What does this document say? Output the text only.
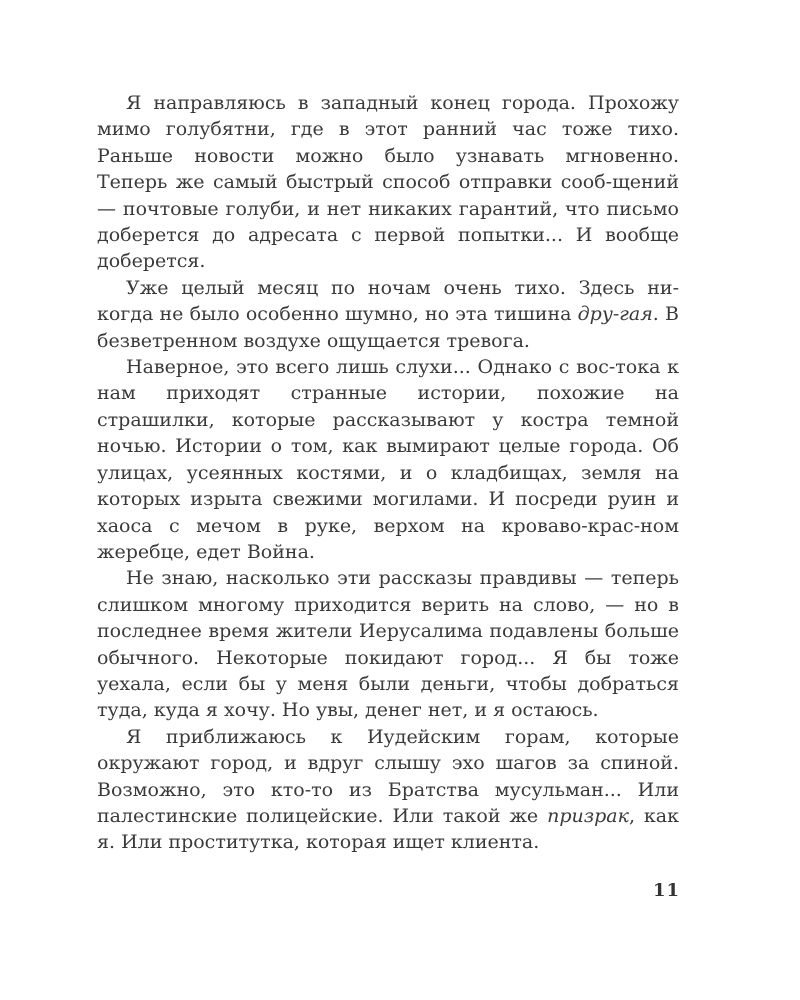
Я направляюсь в западный конец города. Прохожу мимо голубятни, где в этот ранний час тоже тихо. Раньше новости можно было узнавать мгновенно. Теперь же самый быстрый способ отправки сооб-щений — почтовые голуби, и нет никаких гарантий, что письмо доберется до адресата с первой попытки... И вообще доберется.

Уже целый месяц по ночам очень тихо. Здесь ни-когда не было особенно шумно, но эта тишина дру-гая. В безветренном воздухе ощущается тревога.

Наверное, это всего лишь слухи... Однако с вос-тока к нам приходят странные истории, похожие на страшилки, которые рассказывают у костра темной ночью. Истории о том, как вымирают целые города. Об улицах, усеянных костями, и о кладбищах, земля на которых изрыта свежими могилами. И посреди руин и хаоса с мечом в руке, верхом на кроваво-крас-ном жеребце, едет Война.

Не знаю, насколько эти рассказы правдивы — теперь слишком многому приходится верить на слово, — но в последнее время жители Иерусалима подавлены больше обычного. Некоторые покидают город... Я бы тоже уехала, если бы у меня были деньги, чтобы добраться туда, куда я хочу. Но увы, денег нет, и я остаюсь.

Я приближаюсь к Иудейским горам, которые окружают город, и вдруг слышу эхо шагов за спиной. Возможно, это кто-то из Братства мусульман... Или палестинские полицейские. Или такой же призрак, как я. Или проститутка, которая ищет клиента.

11
